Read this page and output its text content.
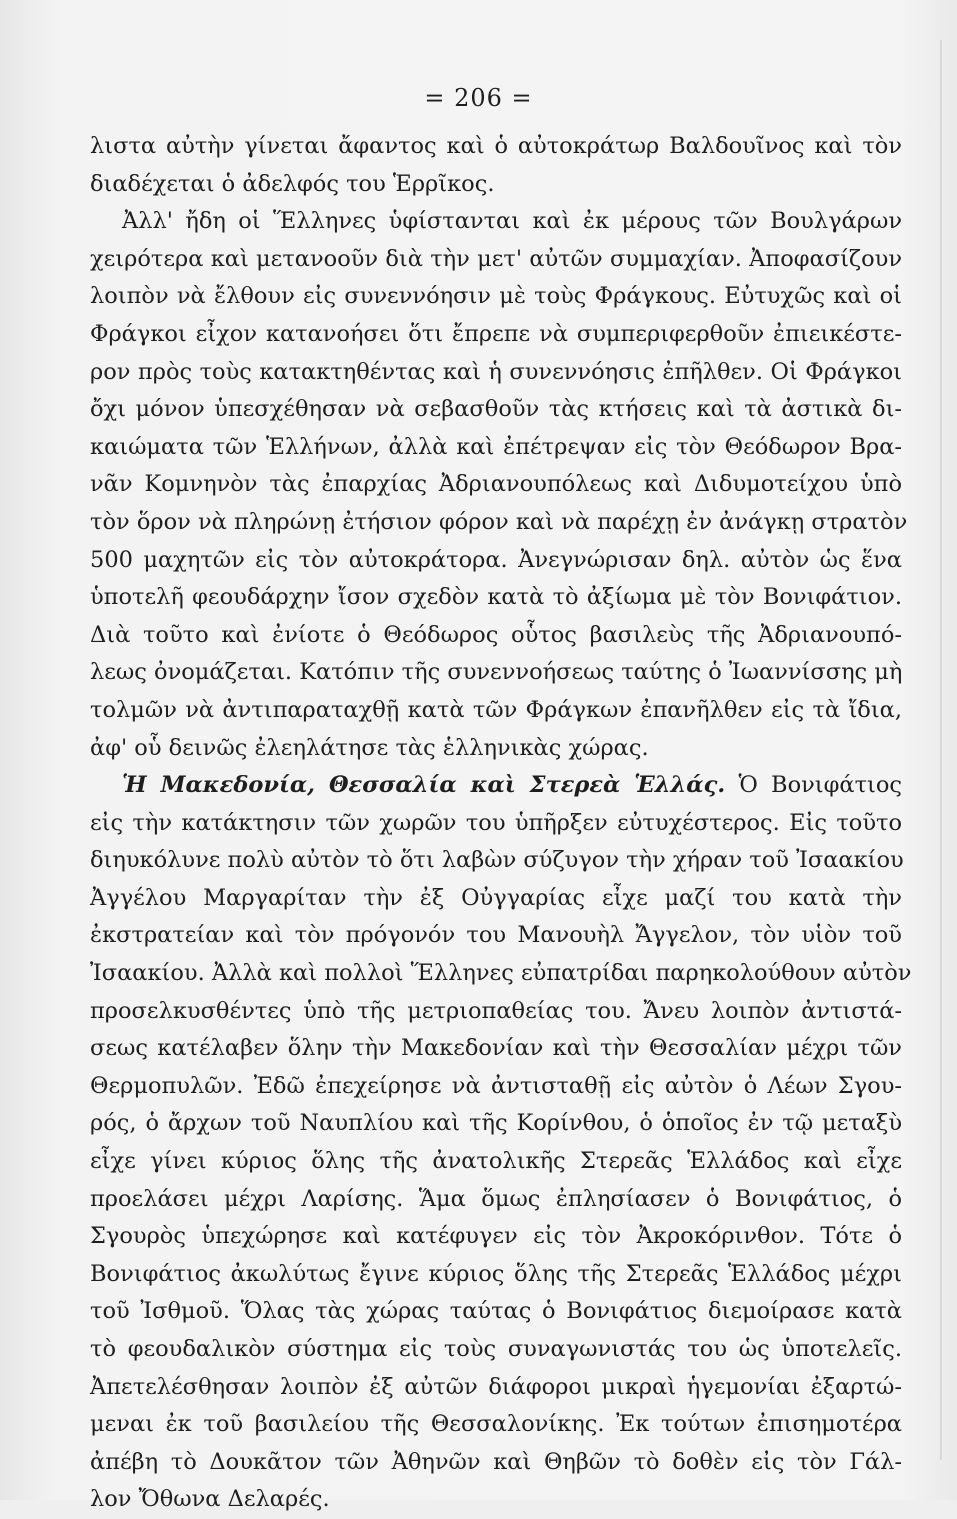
= 206 =
λιστα αὐτὴν γίνεται ἄφαντος καὶ ὁ αὐτοκράτωρ Βαλδουῖνος καὶ τὸν
διαδέχεται ὁ ἀδελφός του Ἑρρῖκος.
Ἀλλ' ἤδη οἱ Ἕλληνες ὑφίστανται καὶ ἐκ μέρους τῶν Βουλγάρων
χειρότερα καὶ μετανοοῦν διὰ τὴν μετ' αὐτῶν συμμαχίαν. Ἀποφασίζουν
λοιπὸν νὰ ἔλθουν εἰς συνεννόησιν μὲ τοὺς Φράγκους. Εὐτυχῶς καὶ οἱ
Φράγκοι εἶχον κατανοήσει ὅτι ἔπρεπε νὰ συμπεριφερθοῦν ἐπιεικέστε-
ρον πρὸς τοὺς κατακτηθέντας καὶ ἡ συνεννόησις ἐπῆλθεν. Οἱ Φράγκοι
ὄχι μόνον ὑπεσχέθησαν νὰ σεβασθοῦν τὰς κτήσεις καὶ τὰ ἀστικὰ δι-
καιώματα τῶν Ἑλλήνων, ἀλλὰ καὶ ἐπέτρεψαν εἰς τὸν Θεόδωρον Βρα-
νᾶν Κομνηνὸν τὰς ἐπαρχίας Ἀδριανουπόλεως καὶ Διδυμοτείχου ὑπὸ
τὸν ὅρον νὰ πληρώνῃ ἐτήσιον φόρον καὶ νὰ παρέχῃ ἐν ἀνάγκῃ στρατὸν
500 μαχητῶν εἰς τὸν αὐτοκράτορα. Ἀνεγνώρισαν δηλ. αὐτὸν ὡς ἕνα
ὑποτελῆ φεουδάρχην ἴσον σχεδὸν κατὰ τὸ ἀξίωμα μὲ τὸν Βονιφάτιον.
Διὰ τοῦτο καὶ ἐνίοτε ὁ Θεόδωρος οὗτος βασιλεὺς τῆς Ἀδριανουπό-
λεως ὀνομάζεται. Κατόπιν τῆς συνεννοήσεως ταύτης ὁ Ἰωαννίσσης μὴ
τολμῶν νὰ ἀντιπαραταχθῇ κατὰ τῶν Φράγκων ἐπανῆλθεν εἰς τὰ ἴδια,
ἀφ' οὗ δεινῶς ἐλεηλάτησε τὰς ἑλληνικὰς χώρας.
Ἡ Μακεδονία, Θεσσαλία καὶ Στερεὰ Ἑλλάς. Ὁ Βονιφάτιος
εἰς τὴν κατάκτησιν τῶν χωρῶν του ὑπῆρξεν εὐτυχέστερος. Εἰς τοῦτο
διηυκόλυνε πολὺ αὐτὸν τὸ ὅτι λαβὼν σύζυγον τὴν χήραν τοῦ Ἰσαακίου
Ἀγγέλου Μαργαρίταν τὴν ἐξ Οὐγγαρίας εἶχε μαζί του κατὰ τὴν
ἐκστρατείαν καὶ τὸν πρόγονόν του Μανουὴλ Ἄγγελον, τὸν υἱὸν τοῦ
Ἰσαακίου. Ἀλλὰ καὶ πολλοὶ Ἕλληνες εὐπατρίδαι παρηκολούθουν αὐτὸν
προσελκυσθέντες ὑπὸ τῆς μετριοπαθείας του. Ἄνευ λοιπὸν ἀντιστά-
σεως κατέλαβεν ὅλην τὴν Μακεδονίαν καὶ τὴν Θεσσαλίαν μέχρι τῶν
Θερμοπυλῶν. Ἐδῶ ἐπεχείρησε νὰ ἀντισταθῇ εἰς αὐτὸν ὁ Λέων Σγου-
ρός, ὁ ἄρχων τοῦ Ναυπλίου καὶ τῆς Κορίνθου, ὁ ὁποῖος ἐν τῷ μεταξὺ
εἶχε γίνει κύριος ὅλης τῆς ἀνατολικῆς Στερεᾶς Ἑλλάδος καὶ εἶχε
προελάσει μέχρι Λαρίσης. Ἅμα ὅμως ἐπλησίασεν ὁ Βονιφάτιος, ὁ
Σγουρὸς ὑπεχώρησε καὶ κατέφυγεν εἰς τὸν Ἀκροκόρινθον. Τότε ὁ
Βονιφάτιος ἀκωλύτως ἔγινε κύριος ὅλης τῆς Στερεᾶς Ἑλλάδος μέχρι
τοῦ Ἰσθμοῦ. Ὅλας τὰς χώρας ταύτας ὁ Βονιφάτιος διεμοίρασε κατὰ
τὸ φεουδαλικὸν σύστημα εἰς τοὺς συναγωνιστάς του ὡς ὑποτελεῖς.
Ἀπετελέσθησαν λοιπὸν ἐξ αὐτῶν διάφοροι μικραὶ ἡγεμονίαι ἐξαρτώ-
μεναι ἐκ τοῦ βασιλείου τῆς Θεσσαλονίκης. Ἐκ τούτων ἐπισημοτέρα
ἀπέβη τὸ Δουκᾶτον τῶν Ἀθηνῶν καὶ Θηβῶν τὸ δοθὲν εἰς τὸν Γάλ-
λον Ὄθωνα Δελαρές.
